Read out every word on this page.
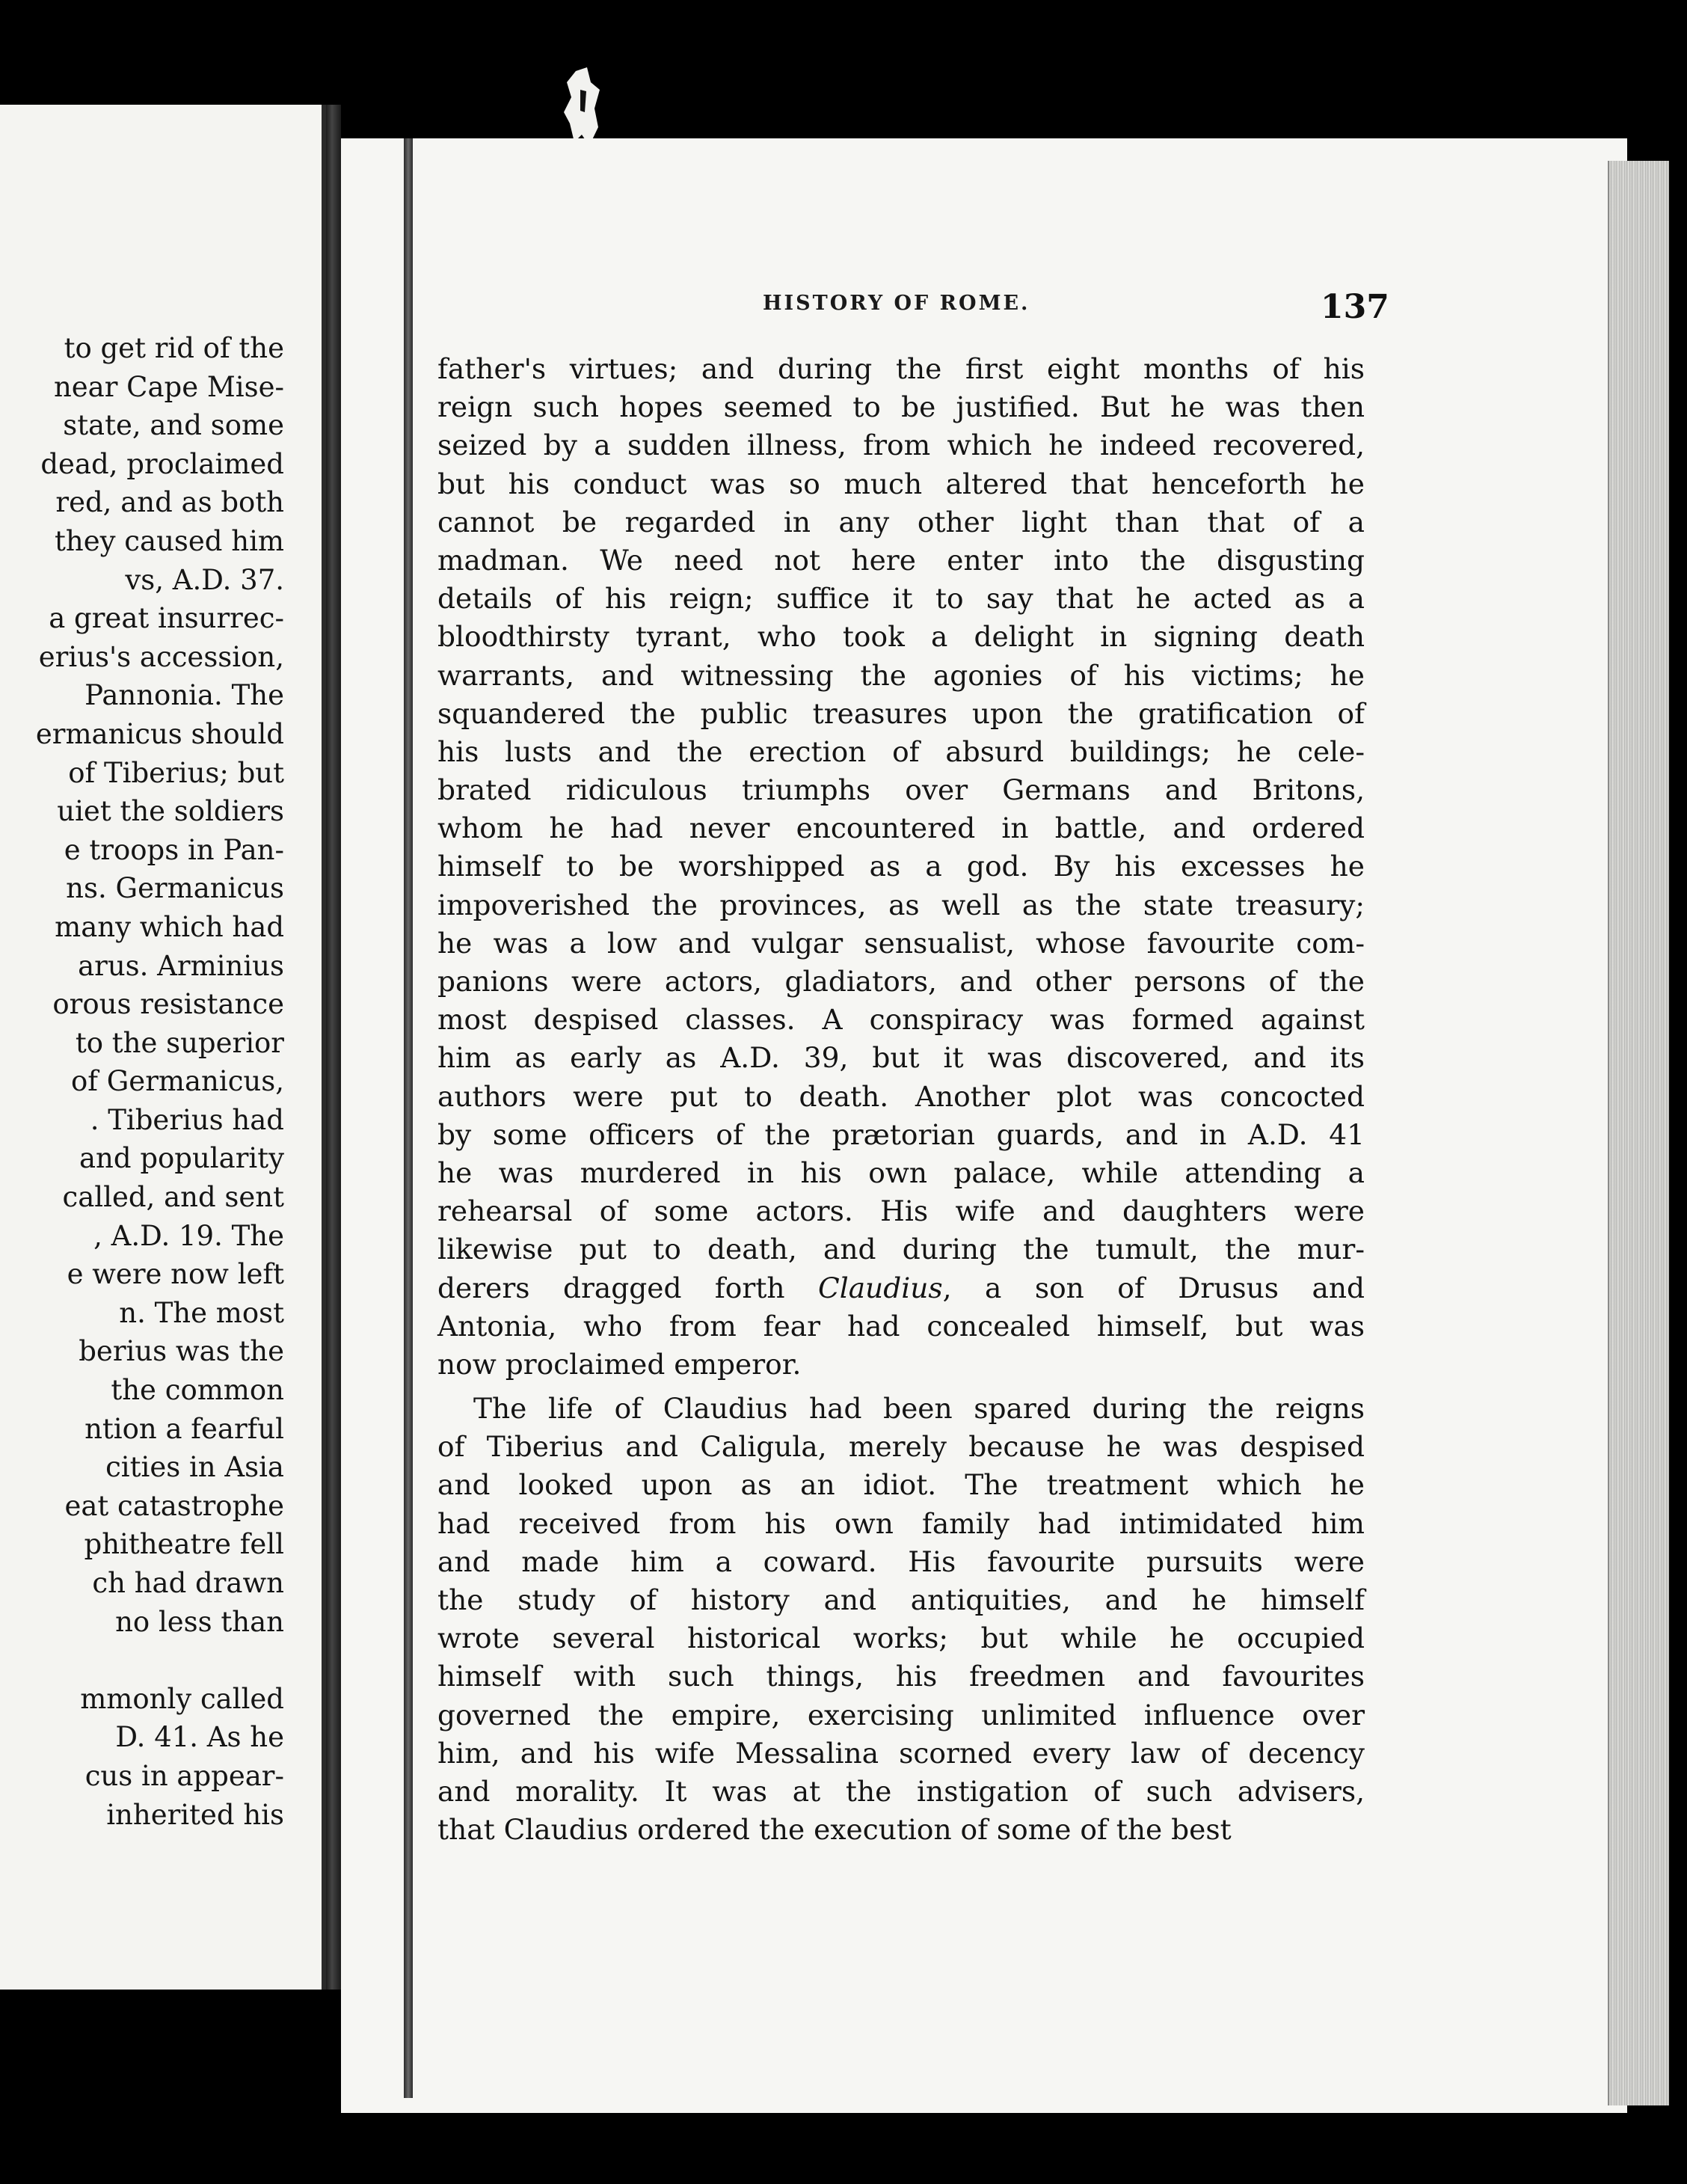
to get rid of the
near Cape Mise-
state, and some
dead, proclaimed
red, and as both
they caused him
vs, A.D. 37.
a great insurrec-
erius's accession,
Pannonia. The
ermanicus should
of Tiberius; but
uiet the soldiers
e troops in Pan-
ns. Germanicus
many which had
arus. Arminius
orous resistance
to the superior
of Germanicus,
. Tiberius had
and popularity
called, and sent
, A.D. 19. The
e were now left
n. The most
berius was the
the common
ntion a fearful
cities in Asia
eat catastrophe
phitheatre fell
ch had drawn
no less than
mmonly called
D. 41. As he
cus in appear-
inherited his
HISTORY OF ROME.	137
father's virtues; and during the first eight months of his
reign such hopes seemed to be justified. But he was then
seized by a sudden illness, from which he indeed recovered,
but his conduct was so much altered that henceforth he
cannot be regarded in any other light than that of a
madman. We need not here enter into the disgusting
details of his reign; suffice it to say that he acted as a
bloodthirsty tyrant, who took a delight in signing death
warrants, and witnessing the agonies of his victims; he
squandered the public treasures upon the gratification of
his lusts and the erection of absurd buildings; he cele-
brated ridiculous triumphs over Germans and Britons,
whom he had never encountered in battle, and ordered
himself to be worshipped as a god. By his excesses he
impoverished the provinces, as well as the state treasury;
he was a low and vulgar sensualist, whose favourite com-
panions were actors, gladiators, and other persons of the
most despised classes. A conspiracy was formed against
him as early as A.D. 39, but it was discovered, and its
authors were put to death. Another plot was concocted
by some officers of the prætorian guards, and in A.D. 41
he was murdered in his own palace, while attending a
rehearsal of some actors. His wife and daughters were
likewise put to death, and during the tumult, the mur-
derers dragged forth Claudius, a son of Drusus and
Antonia, who from fear had concealed himself, but was
now proclaimed emperor.
The life of Claudius had been spared during the reigns
of Tiberius and Caligula, merely because he was despised
and looked upon as an idiot. The treatment which he
had received from his own family had intimidated him
and made him a coward. His favourite pursuits were
the study of history and antiquities, and he himself
wrote several historical works; but while he occupied
himself with such things, his freedmen and favourites
governed the empire, exercising unlimited influence over
him, and his wife Messalina scorned every law of decency
and morality. It was at the instigation of such advisers,
that Claudius ordered the execution of some of the best
